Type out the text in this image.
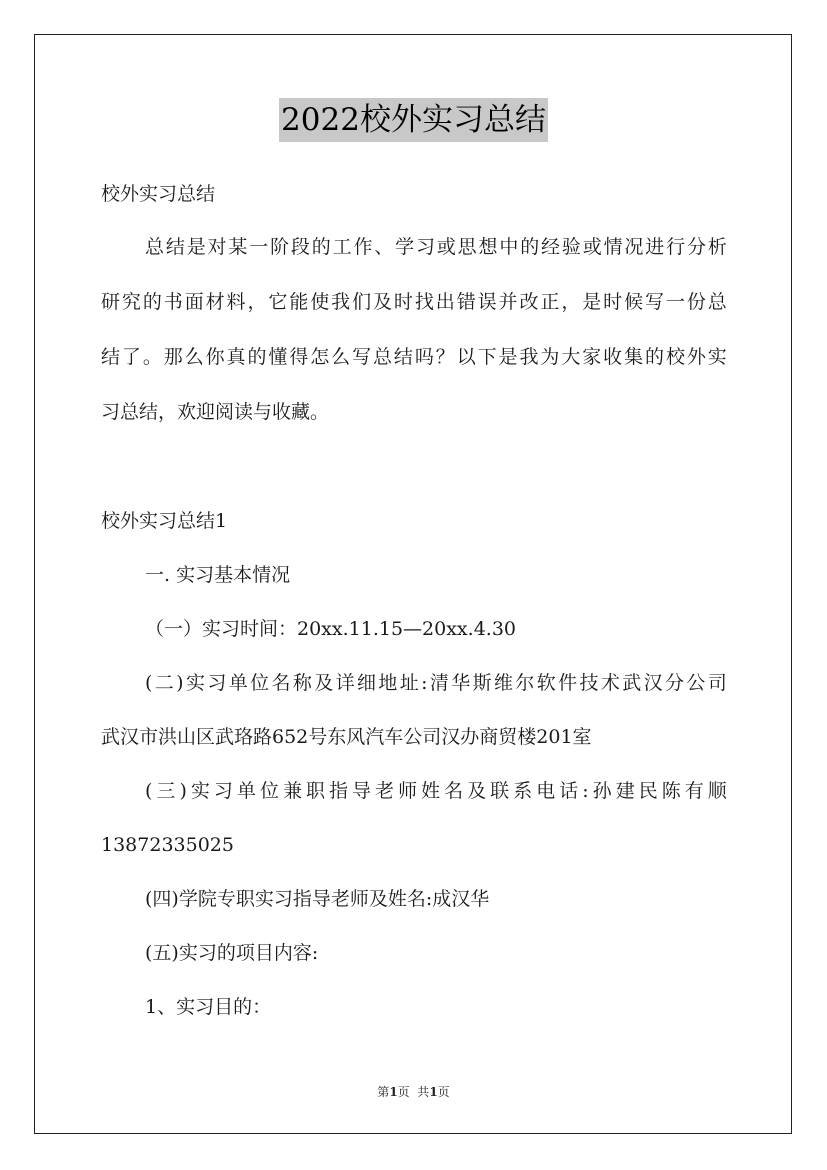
2022校外实习总结
校外实习总结
总结是对某一阶段的工作、学习或思想中的经验或情况进行分析
研究的书面材料，它能使我们及时找出错误并改正，是时候写一份总
结了。那么你真的懂得怎么写总结吗？以下是我为大家收集的校外实
习总结，欢迎阅读与收藏。
校外实习总结1
一. 实习基本情况
（一）实习时间：20xx.11.15—20xx.4.30
(二)实习单位名称及详细地址:清华斯维尔软件技术武汉分公司
武汉市洪山区武珞路652号东风汽车公司汉办商贸楼201室
(三)实习单位兼职指导老师姓名及联系电话:孙建民陈有顺
13872335025
(四)学院专职实习指导老师及姓名:成汉华
(五)实习的项目内容:
1、实习目的：
第1页  共1页
